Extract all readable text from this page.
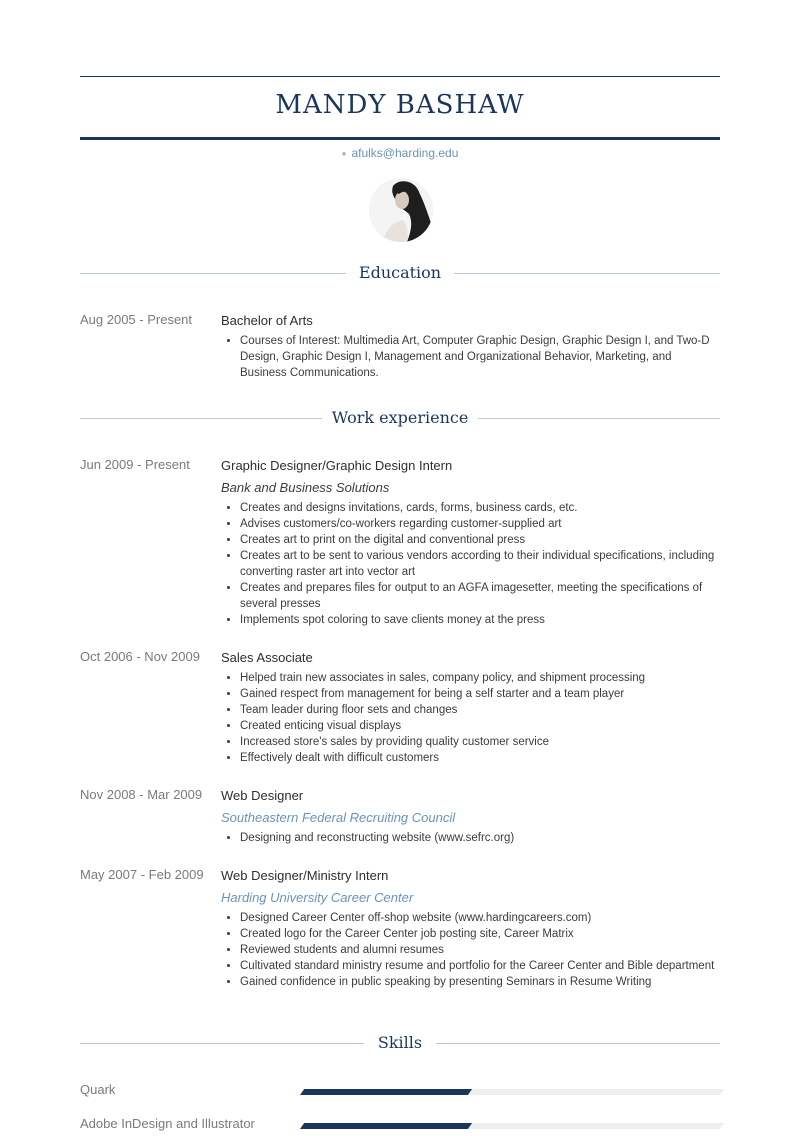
MANDY BASHAW
● afulks@harding.edu
Education
Aug 2005 - Present Bachelor of Arts
• Courses of Interest: Multimedia Art, Computer Graphic Design, Graphic Design I, and Two-D Design, Graphic Design I, Management and Organizational Behavior, Marketing, and Business Communications.
Work experience
Jun 2009 - Present Graphic Designer/Graphic Design Intern
Bank and Business Solutions
• Creates and designs invitations, cards, forms, business cards, etc.
• Advises customers/co-workers regarding customer-supplied art
• Creates art to print on the digital and conventional press
• Creates art to be sent to various vendors according to their individual specifications, including converting raster art into vector art
• Creates and prepares files for output to an AGFA imagesetter, meeting the specifications of several presses
• Implements spot coloring to save clients money at the press
Oct 2006 - Nov 2009 Sales Associate
• Helped train new associates in sales, company policy, and shipment processing
• Gained respect from management for being a self starter and a team player
• Team leader during floor sets and changes
• Created enticing visual displays
• Increased store's sales by providing quality customer service
• Effectively dealt with difficult customers
Nov 2008 - Mar 2009 Web Designer
Southeastern Federal Recruiting Council
• Designing and reconstructing website (www.sefrc.org)
May 2007 - Feb 2009 Web Designer/Ministry Intern
Harding University Career Center
• Designed Career Center off-shop website (www.hardingcareers.com)
• Created logo for the Career Center job posting site, Career Matrix
• Reviewed students and alumni resumes
• Cultivated standard ministry resume and portfolio for the Career Center and Bible department
• Gained confidence in public speaking by presenting Seminars in Resume Writing
Skills
Quark
Adobe InDesign and Illustrator
